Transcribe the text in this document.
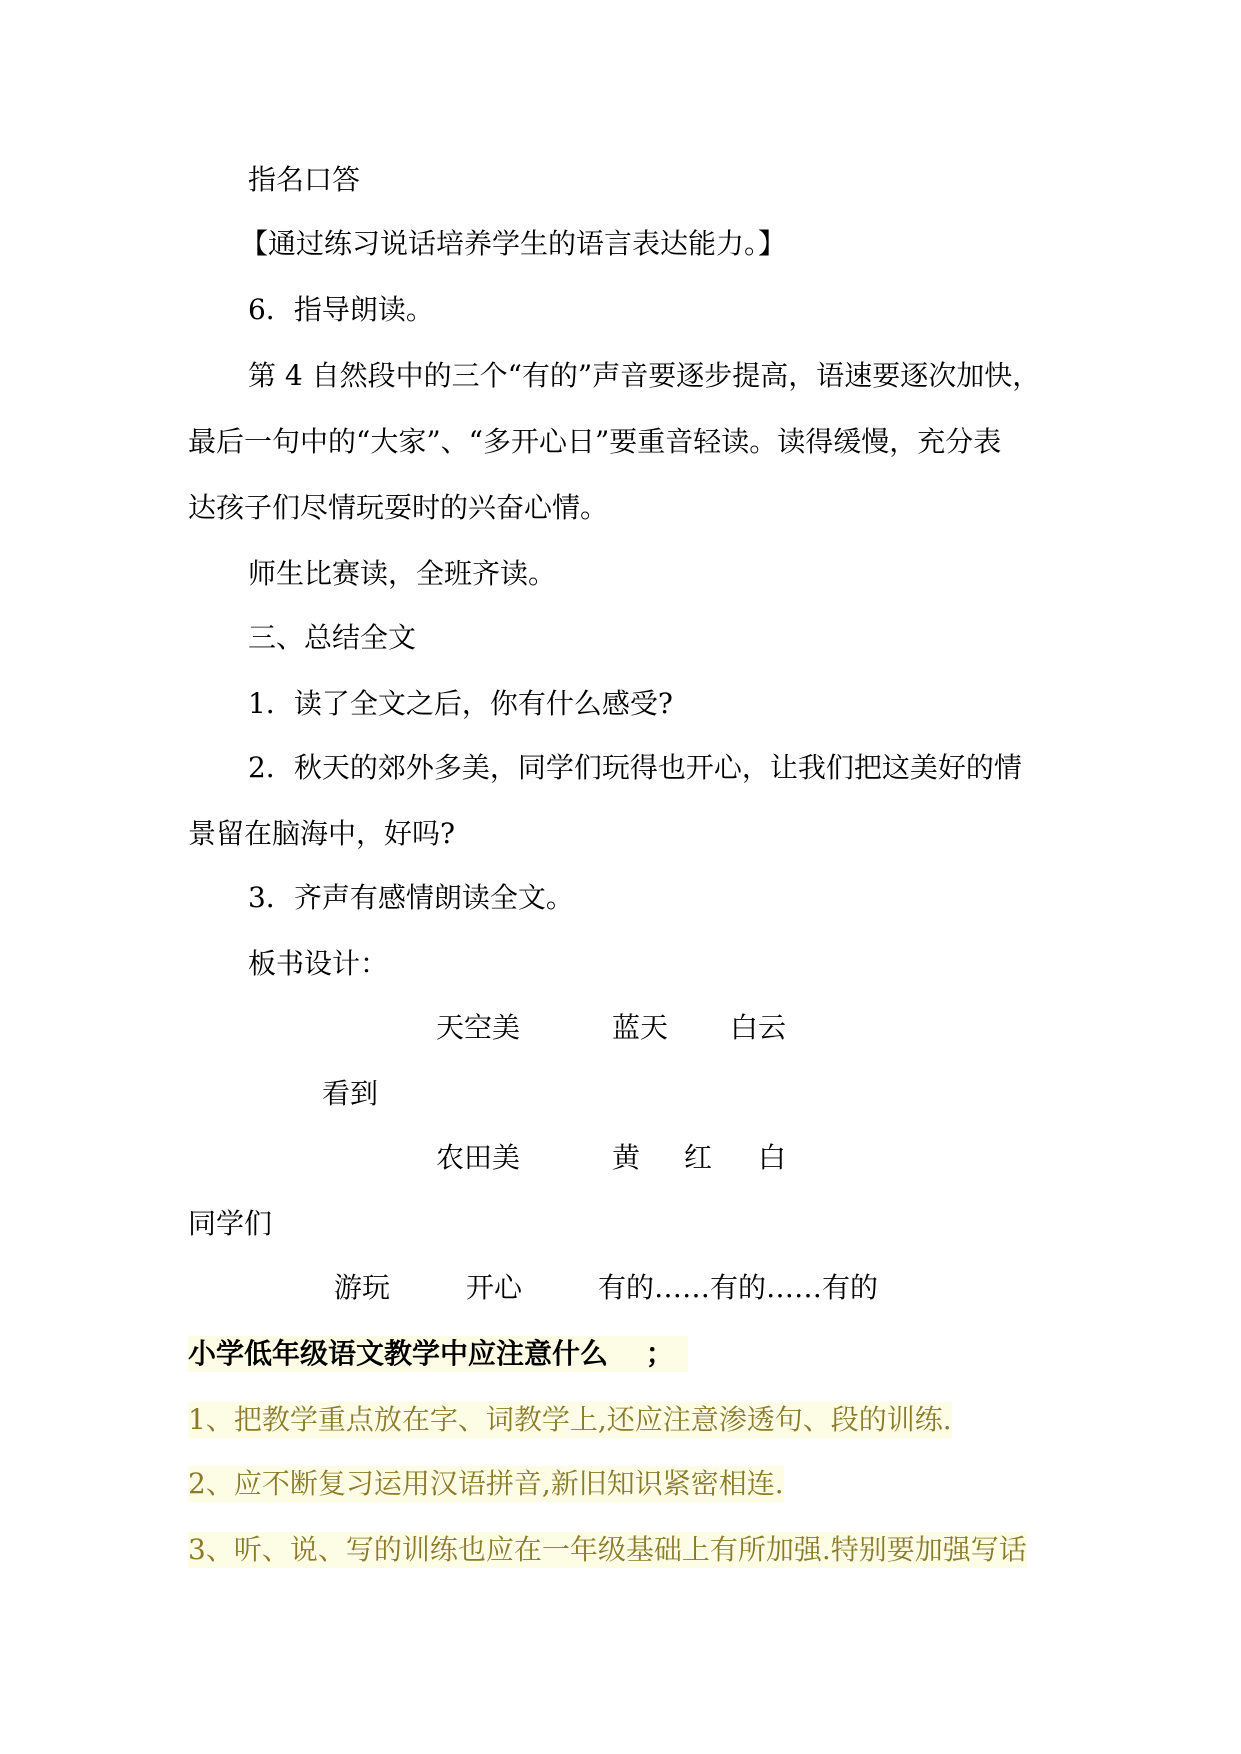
指名口答
【通过练习说话培养学生的语言表达能力。】
6．指导朗读。
第 4 自然段中的三个“有的”声音要逐步提高，语速要逐次加快，
最后一句中的“大家”、“多开心日”要重音轻读。读得缓慢，充分表
达孩子们尽情玩耍时的兴奋心情。
师生比赛读，全班齐读。
三、总结全文
1．读了全文之后，你有什么感受?
2．秋天的郊外多美，同学们玩得也开心，让我们把这美好的情
景留在脑海中，好吗?
3．齐声有感情朗读全文。
板书设计：
天空美	蓝天 白云
看到
农田美	黄 红 白
同学们
游玩	开心	有的……有的……有的
小学低年级语文教学中应注意什么 ；
1、把教学重点放在字、词教学上,还应注意渗透句、段的训练.
2、应不断复习运用汉语拼音,新旧知识紧密相连.
3、听、说、写的训练也应在一年级基础上有所加强.特别要加强写话
